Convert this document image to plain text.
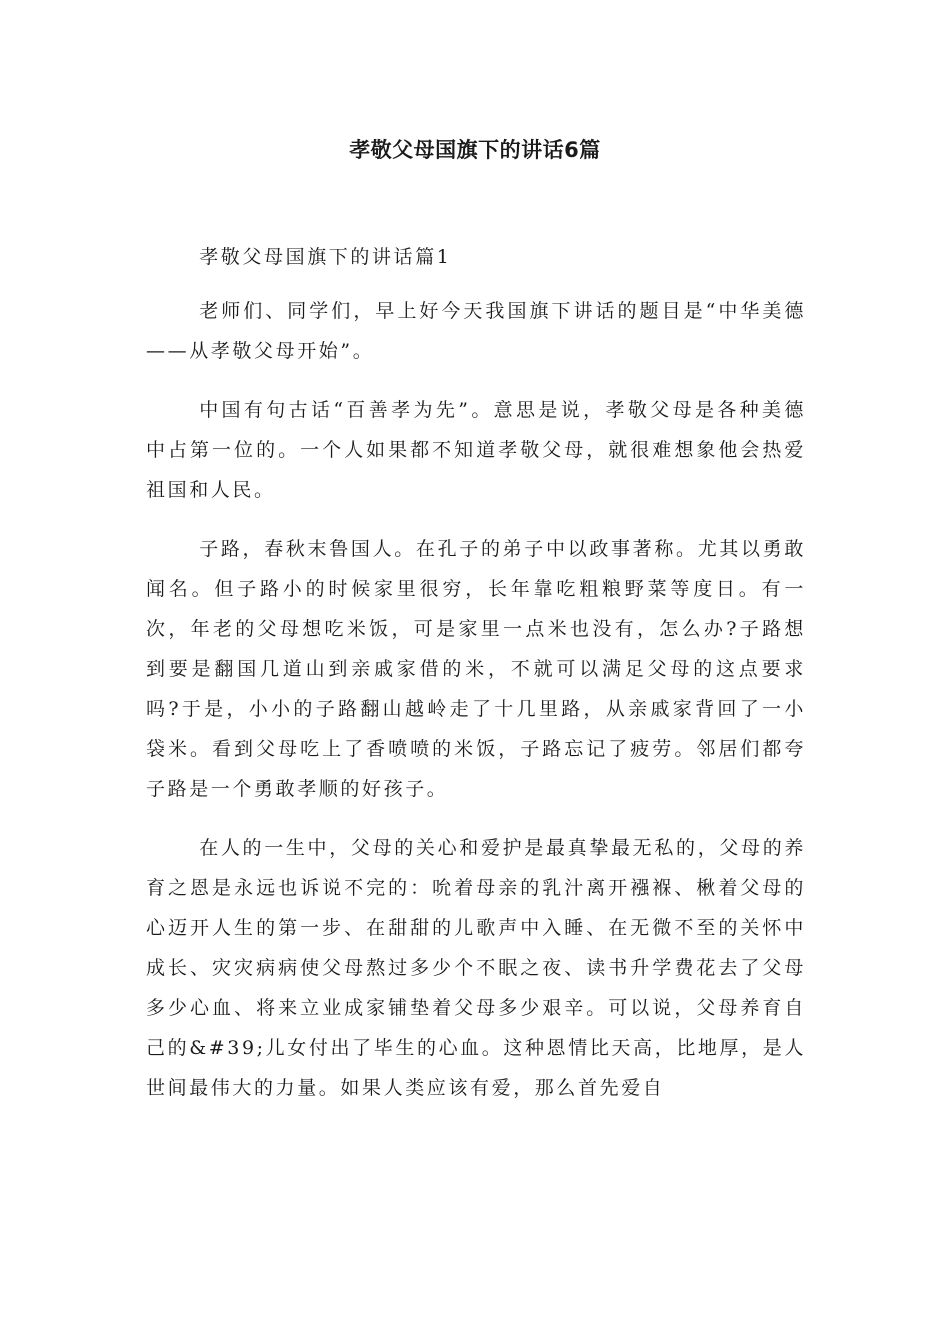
孝敬父母国旗下的讲话6篇

孝敬父母国旗下的讲话篇1

老师们、同学们，早上好今天我国旗下讲话的题目是“中华美德——从孝敬父母开始”。

中国有句古话“百善孝为先”。意思是说，孝敬父母是各种美德中占第一位的。一个人如果都不知道孝敬父母，就很难想象他会热爱祖国和人民。

子路，春秋末鲁国人。在孔子的弟子中以政事著称。尤其以勇敢闻名。但子路小的时候家里很穷，长年靠吃粗粮野菜等度日。有一次，年老的父母想吃米饭，可是家里一点米也没有，怎么办?子路想到要是翻国几道山到亲戚家借的米，不就可以满足父母的这点要求吗?于是，小小的子路翻山越岭走了十几里路，从亲戚家背回了一小袋米。看到父母吃上了香喷喷的米饭，子路忘记了疲劳。邻居们都夸子路是一个勇敢孝顺的好孩子。

在人的一生中，父母的关心和爱护是最真挚最无私的，父母的养育之恩是永远也诉说不完的：吮着母亲的乳汁离开襁褓、楸着父母的心迈开人生的第一步、在甜甜的儿歌声中入睡、在无微不至的关怀中成长、灾灾病病使父母熬过多少个不眠之夜、读书升学费花去了父母多少心血、将来立业成家铺垫着父母多少艰辛。可以说，父母养育自己的&#39;儿女付出了毕生的心血。这种恩情比天高，比地厚，是人世间最伟大的力量。如果人类应该有爱，那么首先爱自
